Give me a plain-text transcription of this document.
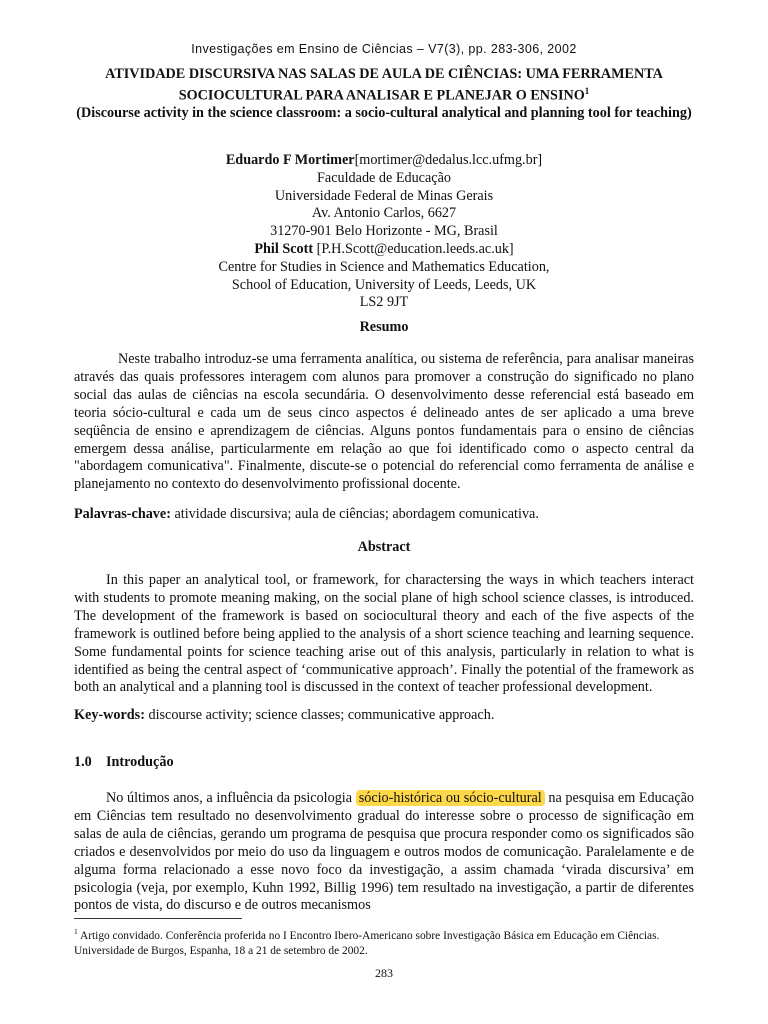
Investigações em Ensino de Ciências – V7(3), pp. 283-306, 2002

ATIVIDADE DISCURSIVA NAS SALAS DE AULA DE CIÊNCIAS: UMA FERRAMENTA

SOCIOCULTURAL PARA ANALISAR E PLANEJAR O ENSINO$^1$

(Discourse activity in the science classroom: a socio-cultural analytical and planning tool for teaching)

Eduardo F Mortimer[mortimer@dedalus.lcc.ufmg.br]
Faculdade de Educação
Universidade Federal de Minas Gerais
Av. Antonio Carlos, 6627
31270-901 Belo Horizonte - MG, Brasil
Phil Scott [P.H.Scott@education.leeds.ac.uk]
Centre for Studies in Science and Mathematics Education,
School of Education, University of Leeds, Leeds, UK
LS2 9JT
Resumo
Neste trabalho introduz-se uma ferramenta analítica, ou sistema de referência, para analisar maneiras através das quais professores interagem com alunos para promover a construção do significado no plano social das aulas de ciências na escola secundária. O desenvolvimento desse referencial está baseado em teoria sócio-cultural e cada um de seus cinco aspectos é delineado antes de ser aplicado a uma breve seqüência de ensino e aprendizagem de ciências. Alguns pontos fundamentais para o ensino de ciências emergem dessa análise, particularmente em relação ao que foi identificado como o aspecto central da "abordagem comunicativa". Finalmente, discute-se o potencial do referencial como ferramenta de análise e planejamento no contexto do desenvolvimento profissional docente.
Palavras-chave: atividade discursiva; aula de ciências; abordagem comunicativa.
Abstract
In this paper an analytical tool, or framework, for charactersing the ways in which teachers interact with students to promote meaning making, on the social plane of high school science classes, is introduced. The development of the framework is based on sociocultural theory and each of the five aspects of the framework is outlined before being applied to the analysis of a short science teaching and learning sequence. Some fundamental points for science teaching arise out of this analysis, particularly in relation to what is identified as being the central aspect of ‘communicative approach’. Finally the potential of the framework as both an analytical and a planning tool is discussed in the context of teacher professional development.
Key-words: discourse activity; science classes; communicative approach.
1.0 Introdução
No últimos anos, a influência da psicologia sócio-histórica ou sócio-cultural na pesquisa em Educação em Ciências tem resultado no desenvolvimento gradual do interesse sobre o processo de significação em salas de aula de ciências, gerando um programa de pesquisa que procura responder como os significados são criados e desenvolvidos por meio do uso da linguagem e outros modos de comunicação. Paralelamente e de alguma forma relacionado a esse novo foco da investigação, a assim chamada ‘virada discursiva’ em psicologia (veja, por exemplo, Kuhn 1992, Billig 1996) tem resultado na investigação, a partir de diferentes pontos de vista, do discurso e de outros mecanismos
$^1$ Artigo convidado. Conferência proferida no I Encontro Ibero-Americano sobre Investigação Básica em Educação em Ciências. Universidade de Burgos, Espanha, 18 a 21 de setembro de 2002.
283
